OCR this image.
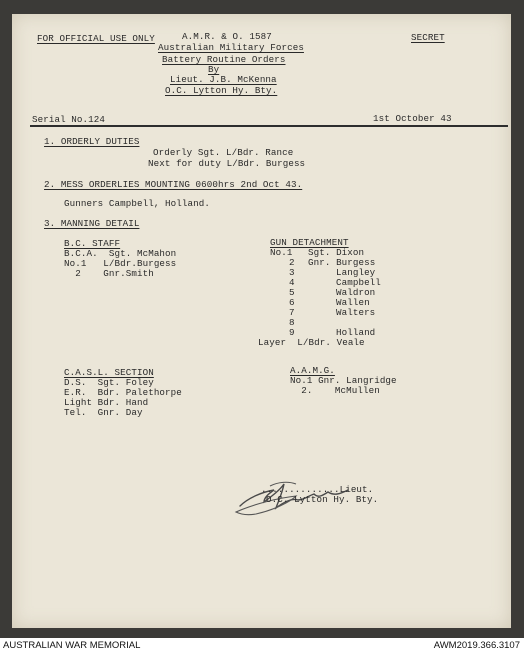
FOR OFFICIAL USE ONLY	A.M.R. & O. 1587	SECRET
Australian Military Forces
Battery Routine Orders
By
Lieut. J.B. McKenna
O.C. Lytton Hy. Bty.
Serial No.124	1st October 43
1. ORDERLY DUTIES
Orderly Sgt. L/Bdr. Rance
Next for duty L/Bdr. Burgess
2. MESS ORDERLIES MOUNTING 0600hrs 2nd Oct 43.
Gunners Campbell, Holland.
3. MANNING DETAIL
B.C. STAFF
B.C.A.  Sgt. McMahon
No.1   L/Bdr.Burgess
2    Gnr.Smith
GUN DETACHMENT
No.1 Sgt. Dixon
2 Gnr. Burgess
3	Langley
4	Campbell
5	Waldron
6	Wallen
7	Walters
8
9	Holland
Layer  L/Bdr. Veale
C.A.S.L. SECTION
D.S.  Sgt. Foley
E.R.  Bdr. Palethorpe
Light Bdr. Hand
Tel.  Gnr. Day
A.A.M.G.
No.1 Gnr. Langridge
2.    McMullen
..............Lieut.
O.C. Lytton Hy. Bty.
AUSTRALIAN WAR MEMORIAL	AWM2019.366.3107
